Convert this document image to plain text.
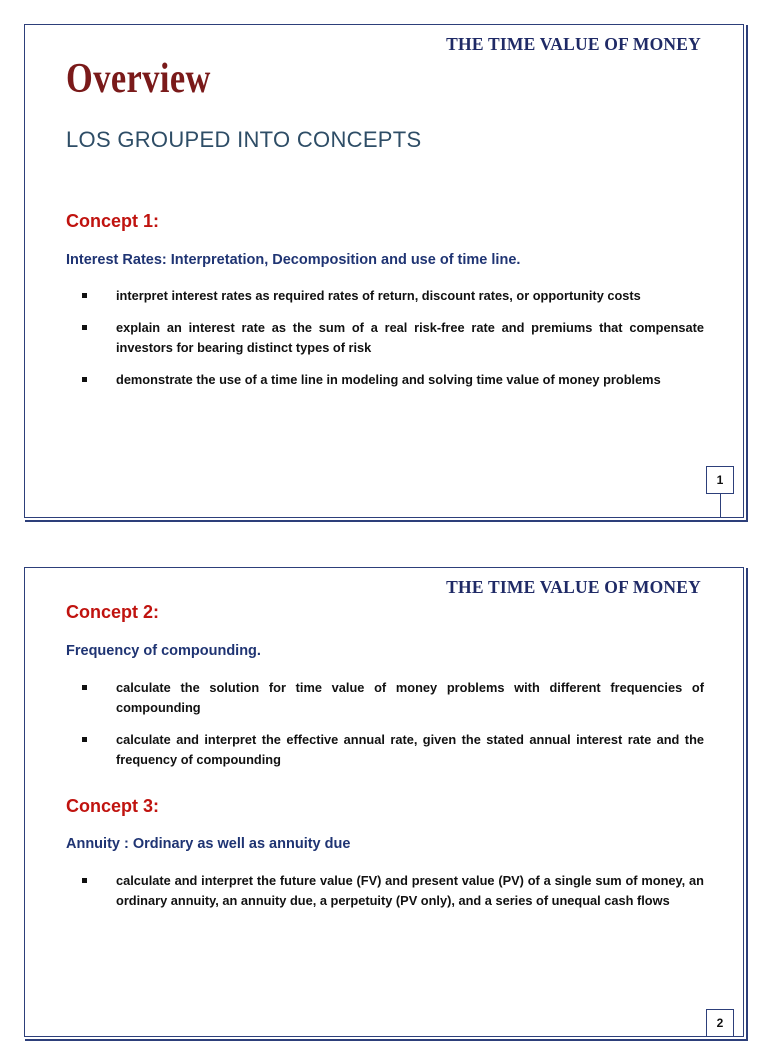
THE TIME VALUE OF MONEY
Overview
LOS GROUPED INTO CONCEPTS
Concept 1:
Interest Rates: Interpretation, Decomposition and use of time line.
interpret interest rates as required rates of return, discount rates, or opportunity costs
explain an interest rate as the sum of a real risk-free rate and premiums that compensate investors for bearing distinct types of risk
demonstrate the use of a time line in modeling and solving time value of money problems
1
THE TIME VALUE OF MONEY
Concept 2:
Frequency of compounding.
calculate the solution for time value of money problems with different frequencies of compounding
calculate and interpret the effective annual rate, given the stated annual interest rate and the frequency of compounding
Concept 3:
Annuity : Ordinary as well as annuity due
calculate and interpret the future value (FV) and present value (PV) of a single sum of money, an ordinary annuity, an annuity due, a perpetuity (PV only), and a series of unequal cash flows
2
